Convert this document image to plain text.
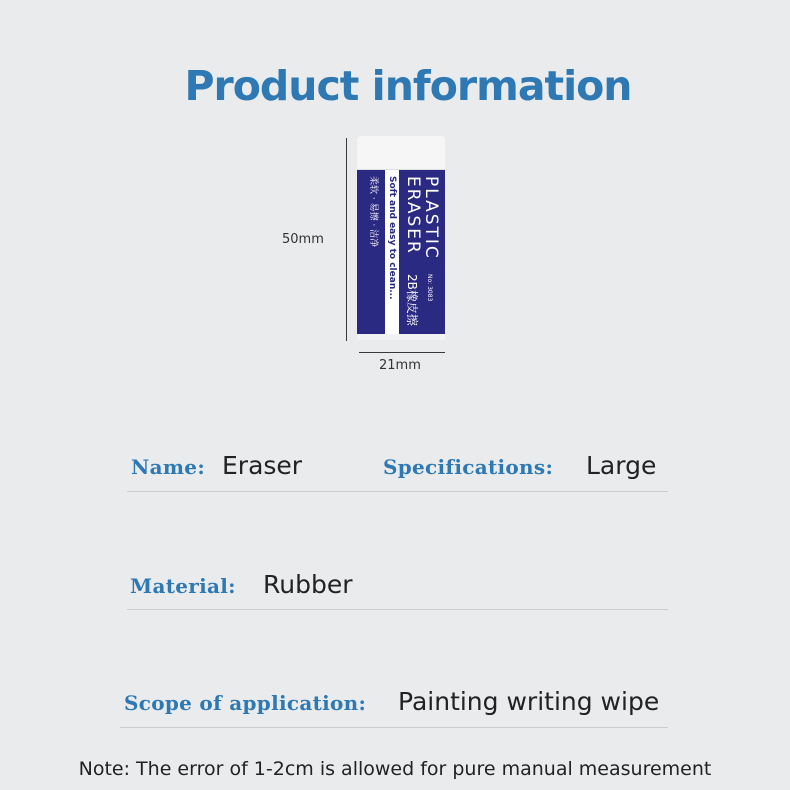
Product information
50mm
21mm
PLASTIC
ERASER
No: 3083
2B橡皮擦
Soft and easy to clean...
柔软 · 易擦 · 洁净
Name: Eraser	Specifications: Large
Material: Rubber
Scope of application: Painting writing wipe
Note: The error of 1-2cm is allowed for pure manual measurement
